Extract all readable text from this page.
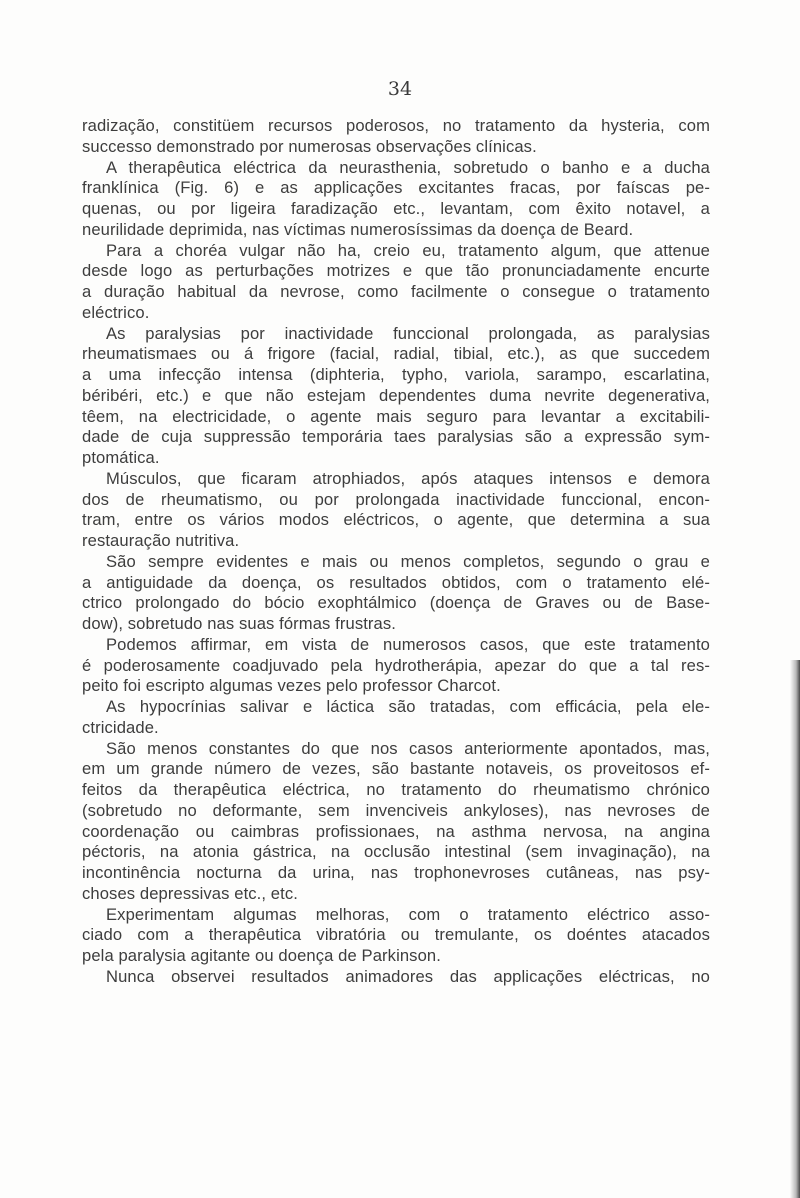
34
radização, constitüem recursos poderosos, no tratamento da hysteria, com
successo demonstrado por numerosas observações clínicas.
A therapêutica eléctrica da neurasthenia, sobretudo o banho e a ducha
franklínica (Fig. 6) e as applicações excitantes fracas, por faíscas pe-
quenas, ou por ligeira faradização etc., levantam, com êxito notavel, a
neurilidade deprimida, nas víctimas numerosíssimas da doença de Beard.
Para a choréa vulgar não ha, creio eu, tratamento algum, que attenue
desde logo as perturbações motrizes e que tão pronunciadamente encurte
a duração habitual da nevrose, como facilmente o consegue o tratamento
eléctrico.
As paralysias por inactividade funccional prolongada, as paralysias
rheumatismaes ou á frigore (facial, radial, tibial, etc.), as que succedem
a uma infecção intensa (diphteria, typho, variola, sarampo, escarlatina,
béribéri, etc.) e que não estejam dependentes duma nevrite degenerativa,
têem, na electricidade, o agente mais seguro para levantar a excitabili-
dade de cuja suppressão temporária taes paralysias são a expressão sym-
ptomática.
Músculos, que ficaram atrophiados, após ataques intensos e demora
dos de rheumatismo, ou por prolongada inactividade funccional, encon-
tram, entre os vários modos eléctricos, o agente, que determina a sua
restauração nutritiva.
São sempre evidentes e mais ou menos completos, segundo o grau e
a antiguidade da doença, os resultados obtidos, com o tratamento elé-
ctrico prolongado do bócio exophtálmico (doença de Graves ou de Base-
dow), sobretudo nas suas fórmas frustras.
Podemos affirmar, em vista de numerosos casos, que este tratamento
é poderosamente coadjuvado pela hydrotherápia, apezar do que a tal res-
peito foi escripto algumas vezes pelo professor Charcot.
As hypocrínias salivar e láctica são tratadas, com efficácia, pela ele-
ctricidade.
São menos constantes do que nos casos anteriormente apontados, mas,
em um grande número de vezes, são bastante notaveis, os proveitosos ef-
feitos da therapêutica eléctrica, no tratamento do rheumatismo chrónico
(sobretudo no deformante, sem invenciveis ankyloses), nas nevroses de
coordenação ou caimbras profissionaes, na asthma nervosa, na angina
péctoris, na atonia gástrica, na occlusão intestinal (sem invaginação), na
incontinência nocturna da urina, nas trophonevroses cutâneas, nas psy-
choses depressivas etc., etc.
Experimentam algumas melhoras, com o tratamento eléctrico asso-
ciado com a therapêutica vibratória ou tremulante, os doéntes atacados
pela paralysia agitante ou doença de Parkinson.
Nunca observei resultados animadores das applicações eléctricas, no
